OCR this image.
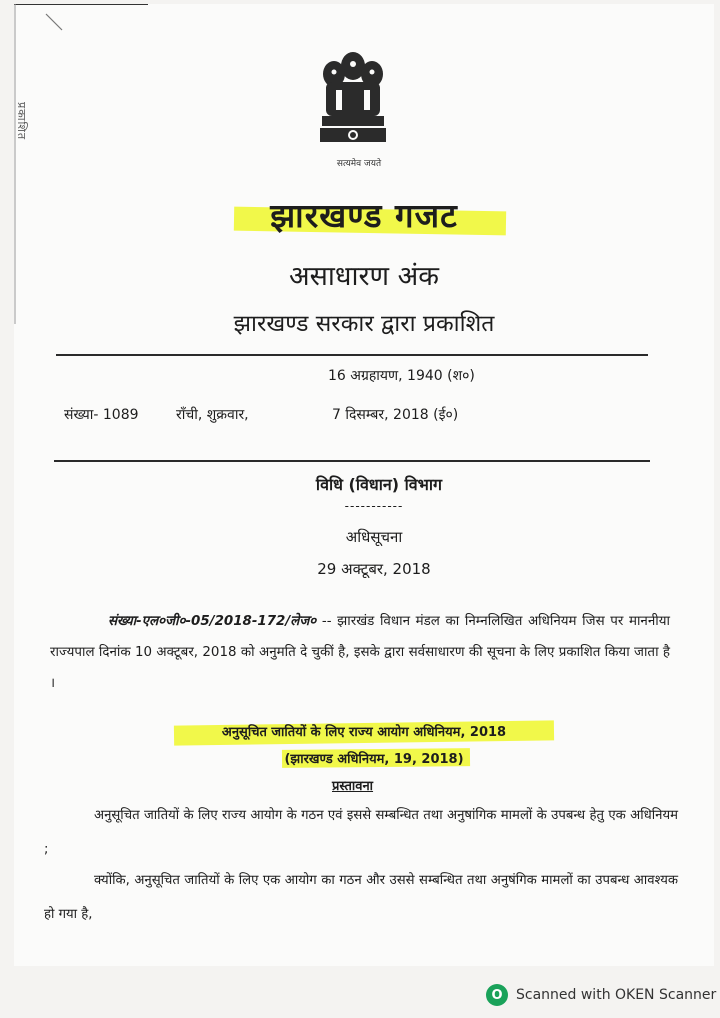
प्रकाशित
सत्यमेव जयते
झारखण्ड गजट
असाधारण अंक
झारखण्ड सरकार द्वारा प्रकाशित
16 अग्रहायण, 1940 (श०)
संख्या- 1089	राँची, शुक्रवार,	7 दिसम्बर, 2018 (ई०)
विधि (विधान) विभाग
-----------
अधिसूचना
29 अक्टूबर, 2018
संख्या-एल०जी०-05/2018-172/लेज० -- झारखंड विधान मंडल का निम्नलिखित अधिनियम जिस पर माननीया राज्यपाल दिनांक 10 अक्टूबर, 2018 को अनुमति दे चुकीं है, इसके द्वारा सर्वसाधारण की सूचना के लिए प्रकाशित किया जाता है ।
अनुसूचित जातियों के लिए राज्य आयोग अधिनियम, 2018
(झारखण्ड अधिनियम, 19, 2018)
प्रस्तावना
अनुसूचित जातियों के लिए राज्य आयोग के गठन एवं इससे सम्बन्धित तथा अनुषांगिक मामलों के उपबन्ध हेतु एक अधिनियम ;
क्योंकि, अनुसूचित जातियों के लिए एक आयोग का गठन और उससे सम्बन्धित तथा अनुषंगिक मामलों का उपबन्ध आवश्यक हो गया है,
O Scanned with OKEN Scanner
